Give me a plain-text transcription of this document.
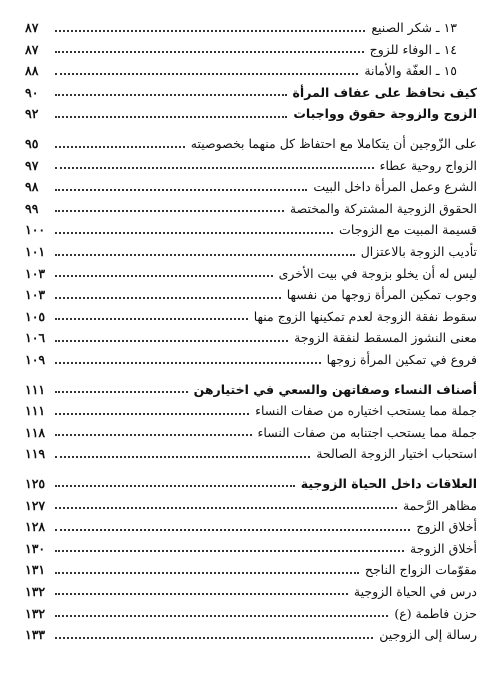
١٣ ـ شكر الصنيع
٨٧
١٤ ـ الوفاء للزوج
٨٧
١٥ ـ العفّة والأمانة
٨٨
كيف نحافظ على عفاف المرأة
٩٠
الزوج والزوجة حقوق وواجبات
٩٢
على الزّوجين أن يتكاملا مع احتفاظ كل منهما بخصوصيته
٩٥
الزواج روحية عطاء
٩٧
الشرع وعمل المرأة داخل البيت
٩٨
الحقوق الزوجية المشتركة والمختصة
٩٩
قسيمة المبيت مع الزوجات
١٠٠
تأديب الزوجة بالاعتزال
١٠١
ليس له أن يخلو بزوجة في بيت الأخرى
١٠٣
وجوب تمكين المرأة زوجها من نفسها
١٠٣
سقوط نفقة الزوجة لعدم تمكينها الزوج منها
١٠٥
معنى النشوز المسقط لنفقة الزوجة
١٠٦
فروع في تمكين المرأة زوجها
١٠٩
أصناف النساء وصفاتهن والسعي في اختيارهن
١١١
جملة مما يستحب اختياره من صفات النساء
١١١
جملة مما يستحب اجتنابه من صفات النساء
١١٨
استحباب اختيار الزوجة الصالحة
١١٩
العلاقات داخل الحياة الزوجية
١٢٥
مظاهر الرَّحمة
١٢٧
أخلاق الزوج
١٢٨
أخلاق الزوجة
١٣٠
مقوّمات الزواج الناجح
١٣١
درس في الحياة الزوجية
١٣٢
حزن فاطمة (ع)
١٣٢
رسالة إلى الزوجين
١٣٣
